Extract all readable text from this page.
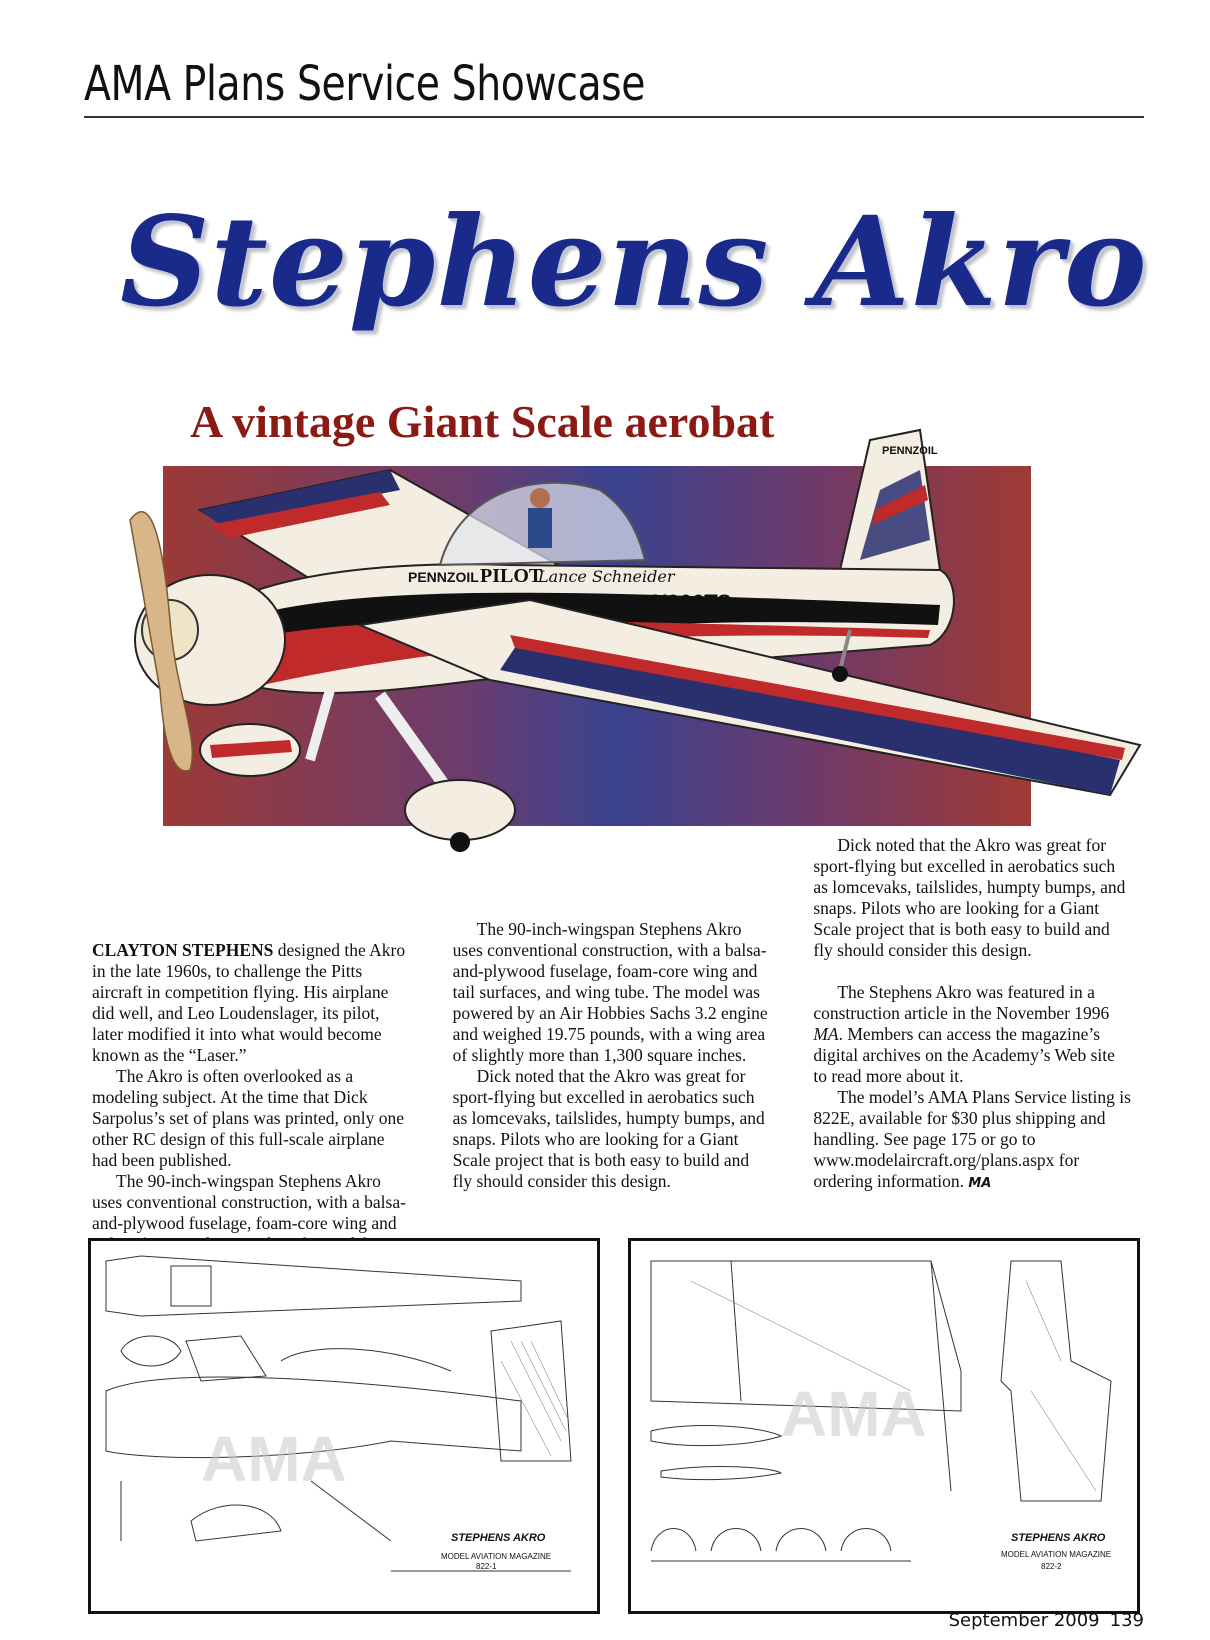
AMA Plans Service Showcase
Stephens Akro
A vintage Giant Scale aerobat
PENNZOIL
PENNZOIL PILOT
Lance Schneider
N906TS

CLAYTON STEPHENS designed the Akro in the late 1960s, to challenge the Pitts aircraft in competition flying. His airplane did well, and Leo Loudenslager, its pilot, later modified it into what would become known as the “Laser.”

The Akro is often overlooked as a modeling subject. At the time that Dick Sarpolus’s set of plans was printed, only one other RC design of this full-scale airplane had been published.

The 90-inch-wingspan Stephens Akro uses conventional construction, with a balsa-and-plywood fuselage, foam-core wing and

The 90-inch-wingspan Stephens Akro uses conventional construction, with a balsa-and-plywood fuselage, foam-core wing and tail surfaces, and wing tube. The model was powered by an Air Hobbies Sachs 3.2 engine and weighed 19.75 pounds, with a wing area of slightly more than 1,300 square inches.

Dick noted that the Akro was great for sport-flying but excelled in aerobatics such as lomcevaks, tailslides, humpty bumps, and snaps. Pilots who are looking for a Giant Scale project that is both easy to build and fly should consider this design.

Dick noted that the Akro was great for sport-flying but excelled in aerobatics such as lomcevaks, tailslides, humpty bumps, and snaps. Pilots who are looking for a Giant Scale project that is both easy to build and fly should consider this design.

The Stephens Akro was featured in a construction article in the November 1996 MA. Members can access the magazine’s digital archives on the Academy’s Web site to read more about it.

The model’s AMA Plans Service listing is 822E, available for $30 plus shipping and handling. See page 175 or go to www.modelaircraft.org/plans.aspx for ordering information. MA

AMA
STEPHENS AKRO
MODEL AVIATION MAGAZINE
822-1
AMA
STEPHENS AKRO
MODEL AVIATION MAGAZINE
822-2
September 2009 139
